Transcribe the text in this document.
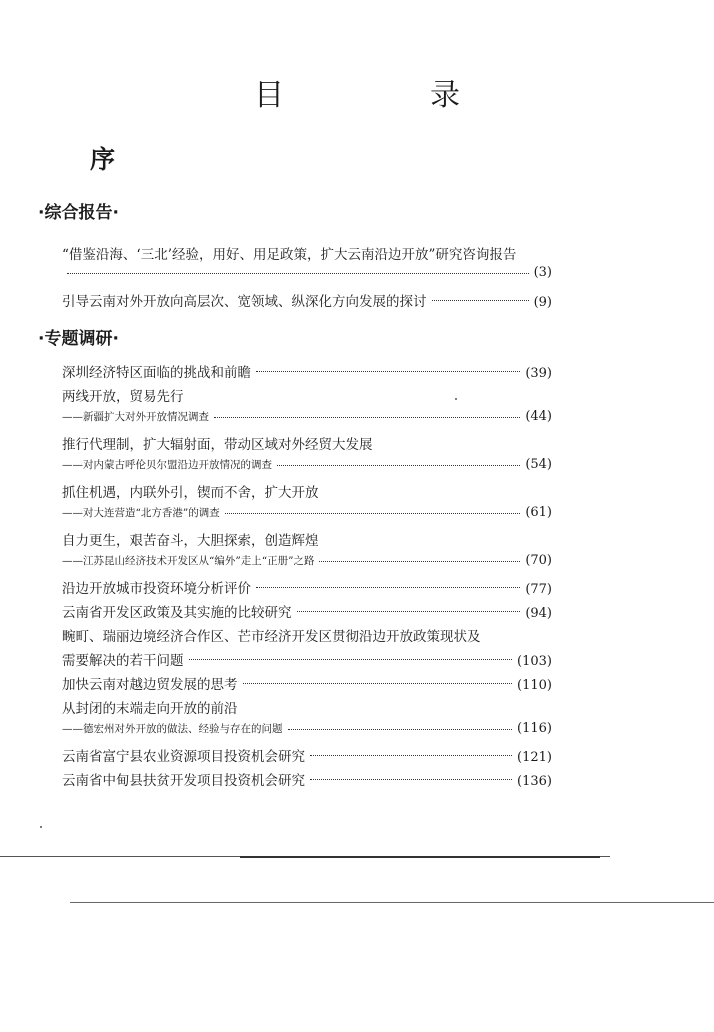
目　录
序
·综合报告·
“借鉴沿海、‘三北’经验，用好、用足政策，扩大云南沿边开放”研究咨询报告
(3)
引导云南对外开放向高层次、宽领域、纵深化方向发展的探讨	(9)
·专题调研·
深圳经济特区面临的挑战和前瞻	(39)
两线开放，贸易先行
——新疆扩大对外开放情况调查	(44)
推行代理制，扩大辐射面，带动区域对外经贸大发展
——对内蒙古呼伦贝尔盟沿边开放情况的调查	(54)
抓住机遇，内联外引，锲而不舍，扩大开放
——对大连营造“北方香港”的调查	(61)
自力更生，艰苦奋斗，大胆探索，创造辉煌
——江苏昆山经济技术开发区从“编外”走上“正册”之路	(70)
沿边开放城市投资环境分析评价	(77)
云南省开发区政策及其实施的比较研究	(94)
畹町、瑞丽边境经济合作区、芒市经济开发区贯彻沿边开放政策现状及
需要解决的若干问题	(103)
加快云南对越边贸发展的思考	(110)
从封闭的末端走向开放的前沿
——德宏州对外开放的做法、经验与存在的问题	(116)
云南省富宁县农业资源项目投资机会研究	(121)
云南省中甸县扶贫开发项目投资机会研究	(136)
